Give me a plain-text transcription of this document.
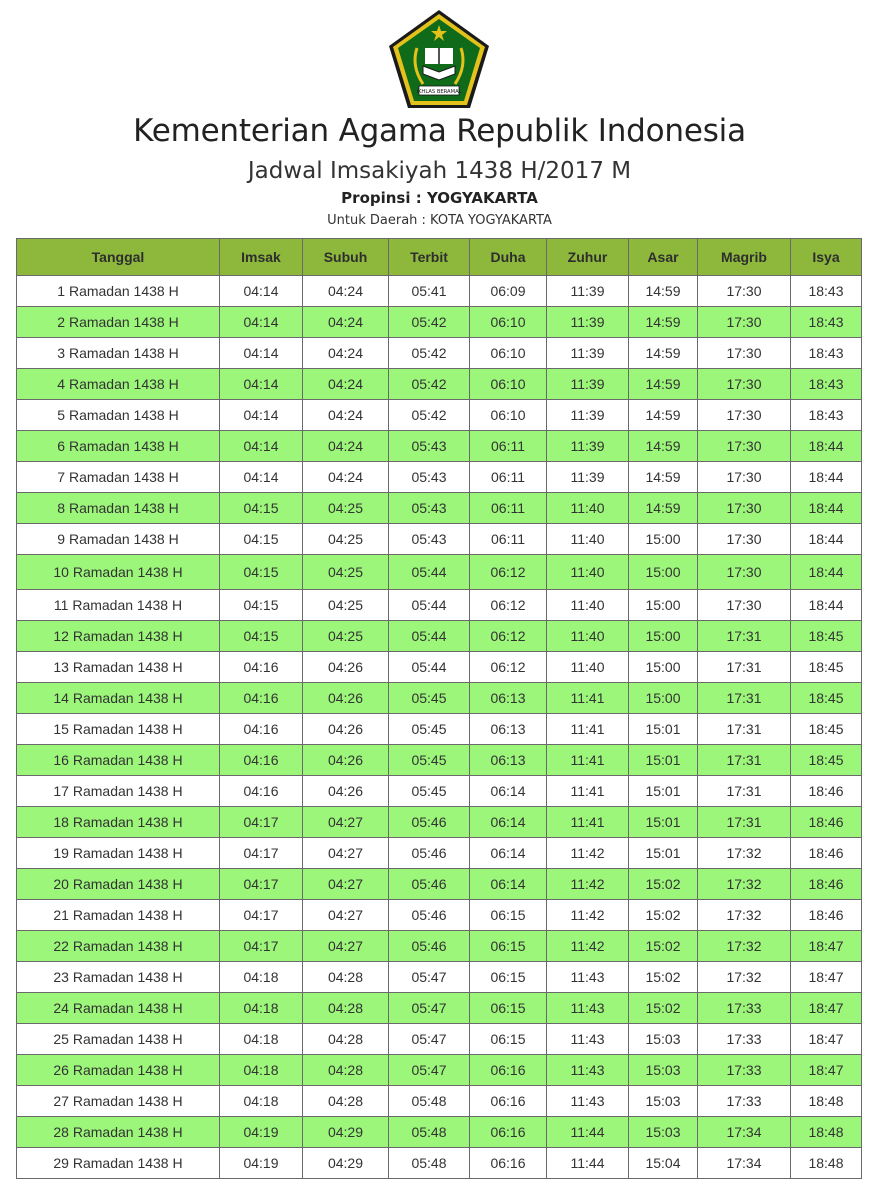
IKHLAS BERAMAL
Kementerian Agama Republik Indonesia
Jadwal Imsakiyah 1438 H/2017 M
Propinsi : YOGYAKARTA
Untuk Daerah : KOTA YOGYAKARTA
Tanggal	Imsak	Subuh	Terbit	Duha	Zuhur	Asar	Magrib	Isya
1 Ramadan 1438 H	04:14	04:24	05:41	06:09	11:39	14:59	17:30	18:43
2 Ramadan 1438 H	04:14	04:24	05:42	06:10	11:39	14:59	17:30	18:43
3 Ramadan 1438 H	04:14	04:24	05:42	06:10	11:39	14:59	17:30	18:43
4 Ramadan 1438 H	04:14	04:24	05:42	06:10	11:39	14:59	17:30	18:43
5 Ramadan 1438 H	04:14	04:24	05:42	06:10	11:39	14:59	17:30	18:43
6 Ramadan 1438 H	04:14	04:24	05:43	06:11	11:39	14:59	17:30	18:44
7 Ramadan 1438 H	04:14	04:24	05:43	06:11	11:39	14:59	17:30	18:44
8 Ramadan 1438 H	04:15	04:25	05:43	06:11	11:40	14:59	17:30	18:44
9 Ramadan 1438 H	04:15	04:25	05:43	06:11	11:40	15:00	17:30	18:44
10 Ramadan 1438 H	04:15	04:25	05:44	06:12	11:40	15:00	17:30	18:44
11 Ramadan 1438 H	04:15	04:25	05:44	06:12	11:40	15:00	17:30	18:44
12 Ramadan 1438 H	04:15	04:25	05:44	06:12	11:40	15:00	17:31	18:45
13 Ramadan 1438 H	04:16	04:26	05:44	06:12	11:40	15:00	17:31	18:45
14 Ramadan 1438 H	04:16	04:26	05:45	06:13	11:41	15:00	17:31	18:45
15 Ramadan 1438 H	04:16	04:26	05:45	06:13	11:41	15:01	17:31	18:45
16 Ramadan 1438 H	04:16	04:26	05:45	06:13	11:41	15:01	17:31	18:45
17 Ramadan 1438 H	04:16	04:26	05:45	06:14	11:41	15:01	17:31	18:46
18 Ramadan 1438 H	04:17	04:27	05:46	06:14	11:41	15:01	17:31	18:46
19 Ramadan 1438 H	04:17	04:27	05:46	06:14	11:42	15:01	17:32	18:46
20 Ramadan 1438 H	04:17	04:27	05:46	06:14	11:42	15:02	17:32	18:46
21 Ramadan 1438 H	04:17	04:27	05:46	06:15	11:42	15:02	17:32	18:46
22 Ramadan 1438 H	04:17	04:27	05:46	06:15	11:42	15:02	17:32	18:47
23 Ramadan 1438 H	04:18	04:28	05:47	06:15	11:43	15:02	17:32	18:47
24 Ramadan 1438 H	04:18	04:28	05:47	06:15	11:43	15:02	17:33	18:47
25 Ramadan 1438 H	04:18	04:28	05:47	06:15	11:43	15:03	17:33	18:47
26 Ramadan 1438 H	04:18	04:28	05:47	06:16	11:43	15:03	17:33	18:47
27 Ramadan 1438 H	04:18	04:28	05:48	06:16	11:43	15:03	17:33	18:48
28 Ramadan 1438 H	04:19	04:29	05:48	06:16	11:44	15:03	17:34	18:48
29 Ramadan 1438 H	04:19	04:29	05:48	06:16	11:44	15:04	17:34	18:48
